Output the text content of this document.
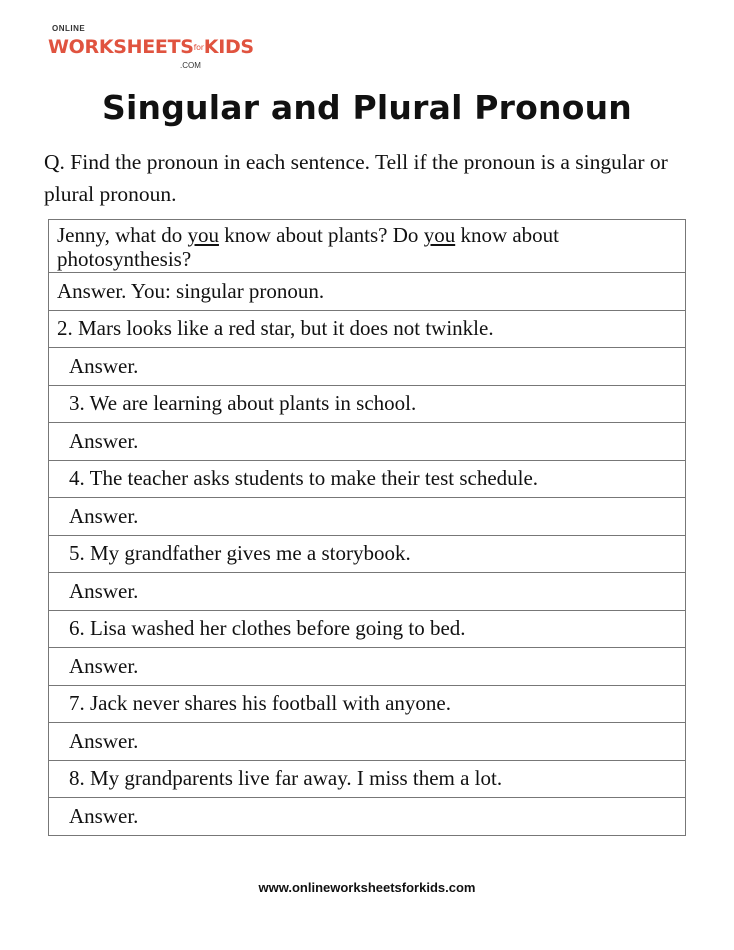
ONLINE
WORKSHEETSforKIDS
.COM
Singular and Plural Pronoun
Q. Find the pronoun in each sentence. Tell if the pronoun is a singular or plural pronoun.
Jenny, what do you know about plants? Do you know about photosynthesis?
Answer. You: singular pronoun.
2. Mars looks like a red star, but it does not twinkle.
Answer.
3. We are learning about plants in school.
Answer.
4. The teacher asks students to make their test schedule.
Answer.
5. My grandfather gives me a storybook.
Answer.
6. Lisa washed her clothes before going to bed.
Answer.
7. Jack never shares his football with anyone.
Answer.
8. My grandparents live far away. I miss them a lot.
Answer.
www.onlineworksheetsforkids.com
